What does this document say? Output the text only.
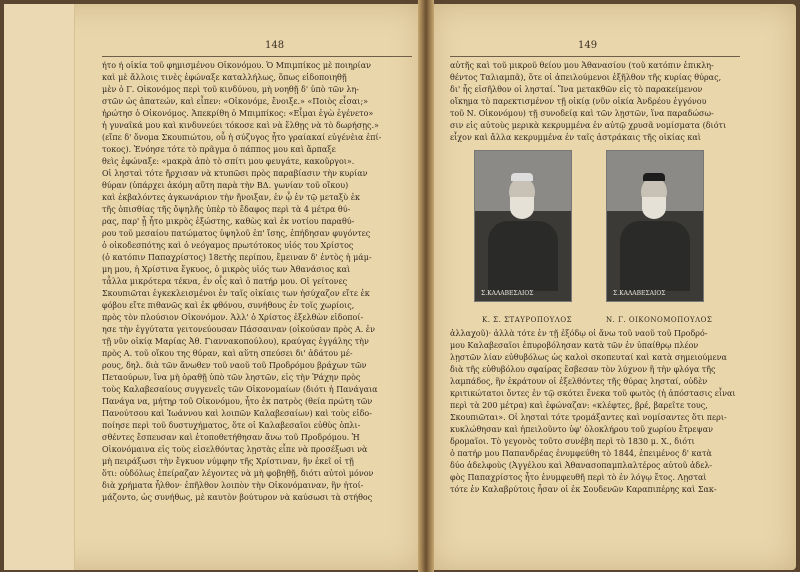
148
ήτο ή οἰκία τοῦ φημισμένου Οἰκονόμου. Ὁ Μπιμπίκος μὲ ποιηρίαν
καὶ μὲ ἄλλοις τινὲς ἐφώναξε καταλλήλως, ὅπως εἰδοποιηθῇ
μὲν ὁ Γ. Οἰκονόμος περὶ τοῦ κινδύνου, μὴ νοηθῇ δ' ὑπὸ τῶν λη-
στῶν ὡς ἀπατεών, καὶ εἶπεν: «Οἰκονόμε, ἔνοιξε.» «Ποιὸς εἶσαι;»
ἠρώτησ ὁ Οἰκονόμος. Ἀπεκρίθη ὁ Μπιμπίκος: «Εἶμαι ἐγὼ ἐγένετο»
ἡ γυναῖκά μου καὶ κινδυνεύει τόκοσε καὶ νὰ ἔλθῃς νὰ τὸ δωρήσῃς.»
(εἴπε δ' ὄνομα Σκουπιώτου, οὗ ἡ σύζυγος ἦτο γραίακαί εὐγένὲια ἐπί-
τοκος). Ἐνόησε τότε τὸ πρᾶγμα ὁ πάππος μου καὶ ἅρπαξε
θεὶς ἐφώναξε: «μακρὰ ἀπὸ τὸ σπίτι μου φευγάτε, κακοῦργοι».
Οἱ λησταὶ τότε ἤρχισαν νὰ κτυπῶσι πρὸς παραβίασιν τὴν κυρίαν
θύραν (ὑπάρχει ἀκόμη αὕτη παρὰ τὴν ΒΔ. γωνίαν τοῦ οἴκου)
καὶ ἐκβαλόντες ἀγκωνάριον τὴν ἤνοιξαν, ἐν ᾧ ἐν τῷ μεταξὺ ἐκ
τῆς ὀπισθίας τῆς ὄψηλῆς ὑπὲρ τὸ ἔδαφος περὶ τὰ 4 μέτρα θύ-
ρας, παρ' ᾗ ἦτο μικρὸς ἐξώστης, καθὼς καὶ ἐκ νοτίου παραθύ-
ρου τοῦ μεσαίου πατώματος ὑψηλοῦ ἐπ' ἴσης, ἐπήδησαν φυγόντες
ὁ οἰκοδεσπότης καὶ ὁ νεόγαμος πρωτότοκος υἱός του Χρίστος
(ὁ κατόπιν Παπαχρίστος) 18ετὴς περίπου, ἔμειναν δ' ἐντὸς ἡ μάμ-
μη μου, ἡ Χρίστινα ἔγκυος, ὁ μικρὸς υἱός των Ἀθανάσιος καὶ
τἆλλα μικρότερα τέκνα, ἐν οἷς καὶ ὁ πατήρ μου. Οἱ γείτονες
Σκουπιῶται ἐγκεκλεισμένοι ἐν ταῖς οἰκίαις των ἠσύχαζον εἴτε ἐκ
φόβου εἴτε πιθανῶς καὶ ἐκ φθόνου, συνήθους ἐν τοῖς χωρίοις,
πρὸς τὸν πλούσιον Οἰκονόμον. Ἀλλ' ὁ Χρίστος ἐξελθὼν εἰδοποί-
ησε τὴν ἐγγύτατα γειτονεύουσαν Πάσσαιναν (οἰκούσαν πρὸς Α. ἐν
τῇ νῦν οἰκίᾳ Μαρίας Ἀθ. Γιαννακοπούλου), κραύγας ἐγγάλης τὴν
πρὸς Α. τοῦ οἴκου της θύραν, καὶ αὕτη σπεύσει δι' ἀδάτου μέ-
ρους, δηλ. διὰ τῶν ἄνωθεν τοῦ ναοῦ τοῦ Προδρόμου βράχων τῶν
Πεταούρων, ἵνα μὴ ὁραθῇ ὑπὸ τῶν ληστῶν, εἰς τὴν Ῥάχην πρὸς
τοὺς Καλαβεσαίους συγγενεῖς τῶν Οἰκονομαίων (διότι ἡ Πανάγαια
Πανάγα να, μήτηρ τοῦ Οἰκονόμου, ἦτο ἐκ πατρὸς (θεία πρώτη τῶν
Πανούτσου καὶ Ἰωάννου καὶ λοιπῶν Καλαβεσαίων) καὶ τοὺς εἰδο-
ποίησε περὶ τοῦ δυστυχήματος, ὅτε οἱ Καλαβεσαῖοι εὐθὺς ὁπλι-
σθέντες ἔσπευσαν καὶ ἐτοποθετήθησαν ἄνω τοῦ Προδρόμου. Ἡ
Οἰκονόμαινα εἰς τοὺς εἰσελθόντας λῃστὰς εἶπε νὰ προσέξωσι νὰ
μὴ πειράξωσι τὴν ἔγκυον νύμφην τῆς Χρίστιναν, ἣν ἐκεῖ οἱ τῇ
ὅτι: οὐδόλως ἐπείραζαν λέγοντες νὰ μὴ φοβηθῇ, διότι αὐτοὶ μόνον
διὰ χρήματα ἦλθον· ἐπῆλθον λοιπὸν τὴν Οἰκονόμαιναν, ἣν ἠτοί-
μάζοντο, ὡς συνήθως, μὲ καυτὸν βούτυρον νὰ καύσωσι τὰ στήθος
149
αὐτῆς καὶ τοῦ μικροῦ θείου μου Ἀθανασίου (τοῦ κατόπιν ἐπικλη-
θέντος Ταλιαμπᾶ), ὅτε οἱ ἀπειλούμενοι ἐξῆλθον τῆς κυρίας θύρας,
δι' ἧς εἰσῆλθον οἱ λησταί. Ἵνα μετακθῶν εἰς τὸ παρακείμενον
οἴκημα τὸ παρεκτισμένον τῇ οἰκίᾳ (νῦν οἰκία Ἀνδρέου ἐγγόνου
τοῦ Ν. Οἰκονόμου) τῇ συνοδείᾳ καὶ τῶν λῃστῶν, ἵνα παραδώσω-
σιν εἰς αὐτοὺς μερικὰ κεκρυμμένα ἐν αὐτῷ χρυσᾶ νομίσματα (διότι
εἶχον καὶ ἄλλα κεκρυμμένα ἐν ταῖς ἀστράκαις τῆς οἰκίας καὶ
Σ.ΚΑΛΑΒΕΣΑΙΟΣ	Σ.ΚΑΛΑΒΕΣΑΙΟΣ
Κ. Σ. ΣΤΑΥΡΟΠΟΥΛΟΣ	Ν. Γ. ΟΙΚΟΝΟΜΟΠΟΥΛΟΣ
ἀλλαχοῦ)· ἀλλὰ τότε ἐν τῇ ἐξόδῳ οἱ ἄνω τοῦ ναοῦ τοῦ Προδρό-
μου Καλαβεσαῖοι ἐπυροβόλησαν κατὰ τῶν ἐν ὑπαίθρῳ πλέον
λῃστῶν λίαν εὐθυβόλως ὡς καλοὶ σκοπευταί καὶ κατὰ σημειούμενα
διὰ τῆς εὐθυβόλου σφαίρας ἔσβεσαν τὸν λύχνον ἢ τὴν φλόγα τῆς
λαμπάδος, ἣν ἐκράτουν οἱ ἐξελθόντες τῆς θύρας λησταί, οὐδὲν
κριτικώτατοι ὄντες ἐν τῷ σκότει ἕνεκα τοῦ φωτὸς (ἡ ἀπόστασις εἶναι
περὶ τὰ 200 μέτρα) καὶ ἐφώναζαν: «κλέφτες, βρέ, βαρεῖτε τους,
Σκουπιῶται». Οἱ λησταὶ τότε τρομάξαντες καὶ νομίσαντες ὅτι περι-
κυκλώθησαν καὶ ἠπειλοῦντο ὑφ' ὁλοκλήρου τοῦ χωρίου ἔτρεψαν
δρομαῖοι. Τὸ γεγονὸς τοῦτο συνέβη περὶ τὸ 1830 μ. Χ., διότι
ὁ πατήρ μου Παπανδρέας ἐνυμφεύθη τὸ 1844, ἐπειμένος δ' κατὰ
δύο ἀδελφοὺς (Ἀγγέλου καὶ Ἀθανασοπαμπλαλτέρος αὐτοῦ ἀδελ-
φὸς Παπαχρίστος ἦτο ἐνυμφευθῆ περὶ τὸ ἐν λόγῳ ἔτος. Λῃσταὶ
τότε ἐν Καλαβρύτοις ἦσαν οἱ ἐκ Σουδενῶν Καραπιπέρης καὶ Σακ-
